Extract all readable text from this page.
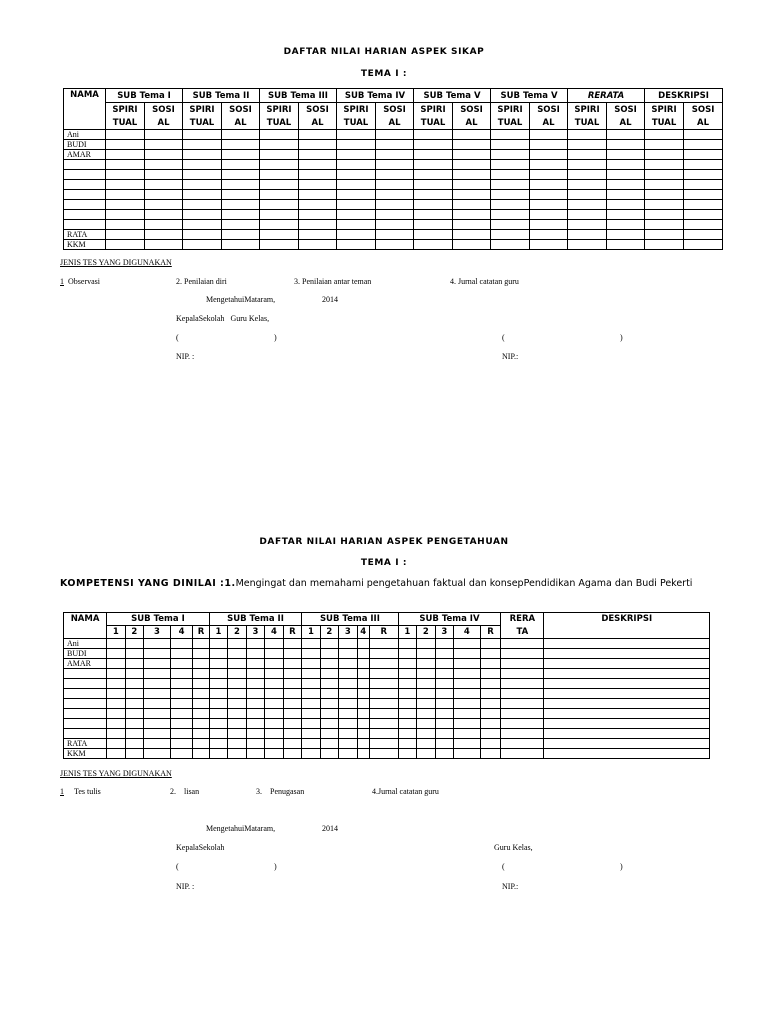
DAFTAR NILAI HARIAN ASPEK SIKAP
TEMA I :
NAMA	SUB Tema I		SUB Tema II		SUB Tema III		SUB Tema IV		SUB Tema V		SUB Tema V		RERATA		DESKRIPSI	
	SPIRI	SOSI	SPIRI	SOSI	SPIRI	SOSI	SPIRI	SOSI	SPIRI	SOSI	SPIRI	SOSI	SPIRI	SOSI	SPIRI	SOSI
	TUAL	AL	TUAL	AL	TUAL	AL	TUAL	AL	TUAL	AL	TUAL	AL	TUAL	AL	TUAL	AL
Ani																
BUDI																
AMAR																

RATA																
KKM																
JENIS TES YANG DIGUNAKAN
1 Observasi	2. Penilaian diri	3. Penilaian antar teman	4. Jurnal catatan guru
MengetahuiMataram,	2014
KepalaSekolah Guru Kelas,
(	)	(	)
NIP. :	NIP.:
DAFTAR NILAI HARIAN ASPEK PENGETAHUAN
TEMA I :
KOMPETENSI YANG DINILAI :1.Mengingat dan memahami pengetahuan faktual dan konsepPendidikan Agama dan Budi Pekerti
NAMA	SUB Tema I					SUB Tema II					SUB Tema III					SUB Tema IV					RERA	DESKRIPSI
	1	2	3	4	R	1	2	3	4	R	1	2	3	4	R	1	2	3	4	R	TA	
Ani																						
BUDI																						
AMAR																						

RATA																						
KKM																						
JENIS TES YANG DIGUNAKAN
1 Tes tulis	2.    lisan	3.    Penugasan	4.Jurnal catatan guru
MengetahuiMataram,	2014
KepalaSekolah	Guru Kelas,
(	)	(	)
NIP. :	NIP.:
